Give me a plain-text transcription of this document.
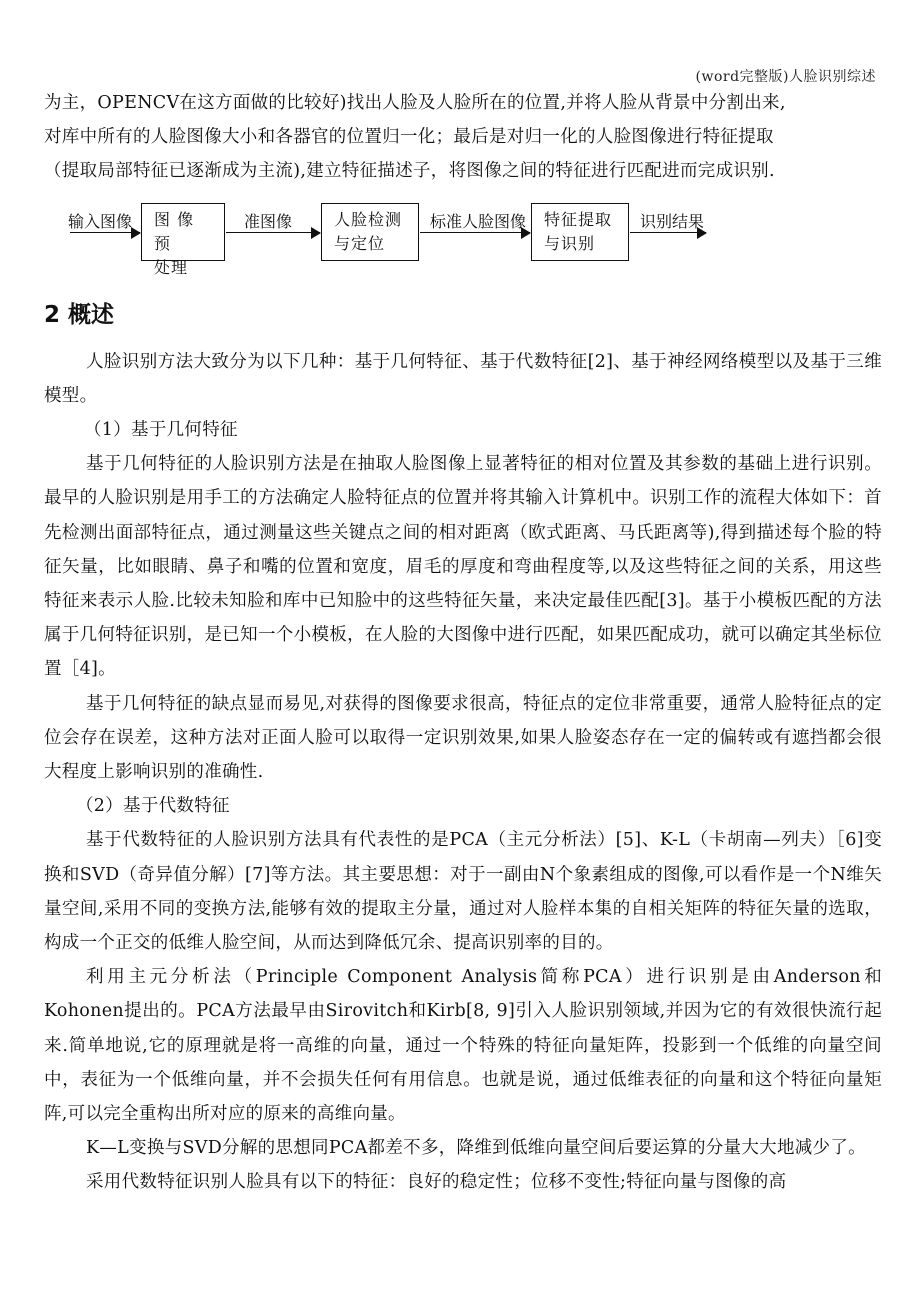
(word完整版)人脸识别综述

为主，OPENCV在这方面做的比较好)找出人脸及人脸所在的位置,并将人脸从背景中分割出来,

对库中所有的人脸图像大小和各器官的位置归一化；最后是对归一化的人脸图像进行特征提取

（提取局部特征已逐渐成为主流),建立特征描述子，将图像之间的特征进行匹配进而完成识别.

输入图像 图 像 预
处理
准图像	人脸检测
与定位
标准人脸图像 特征提取
与识别
识别结果
2 概述

人脸识别方法大致分为以下几种：基于几何特征、基于代数特征[2]、基于神经网络模型以及基于三维模型。

（1）基于几何特征

基于几何特征的人脸识别方法是在抽取人脸图像上显著特征的相对位置及其参数的基础上进行识别。最早的人脸识别是用手工的方法确定人脸特征点的位置并将其输入计算机中。识别工作的流程大体如下：首先检测出面部特征点，通过测量这些关键点之间的相对距离（欧式距离、马氏距离等),得到描述每个脸的特征矢量，比如眼睛、鼻子和嘴的位置和宽度，眉毛的厚度和弯曲程度等,以及这些特征之间的关系，用这些特征来表示人脸.比较未知脸和库中已知脸中的这些特征矢量，来决定最佳匹配[3]。基于小模板匹配的方法属于几何特征识别，是已知一个小模板，在人脸的大图像中进行匹配，如果匹配成功，就可以确定其坐标位置［4]。

基于几何特征的缺点显而易见,对获得的图像要求很高，特征点的定位非常重要，通常人脸特征点的定位会存在误差，这种方法对正面人脸可以取得一定识别效果,如果人脸姿态存在一定的偏转或有遮挡都会很大程度上影响识别的准确性.

（2）基于代数特征

基于代数特征的人脸识别方法具有代表性的是PCA（主元分析法）[5]、K-L（卡胡南—列夫）［6]变换和SVD（奇异值分解）[7]等方法。其主要思想：对于一副由N个象素组成的图像,可以看作是一个N维矢量空间,采用不同的变换方法,能够有效的提取主分量，通过对人脸样本集的自相关矩阵的特征矢量的选取，构成一个正交的低维人脸空间，从而达到降低冗余、提高识别率的目的。

利用主元分析法（Principle Component Analysis简称PCA）进行识别是由Anderson和Kohonen提出的。PCA方法最早由Sirovitch和Kirb[8, 9]引入人脸识别领域,并因为它的有效很快流行起来.简单地说,它的原理就是将一高维的向量，通过一个特殊的特征向量矩阵，投影到一个低维的向量空间中，表征为一个低维向量，并不会损失任何有用信息。也就是说，通过低维表征的向量和这个特征向量矩阵,可以完全重构出所对应的原来的高维向量。

K—L变换与SVD分解的思想同PCA都差不多，降维到低维向量空间后要运算的分量大大地减少了。

采用代数特征识别人脸具有以下的特征：良好的稳定性；位移不变性;特征向量与图像的高
